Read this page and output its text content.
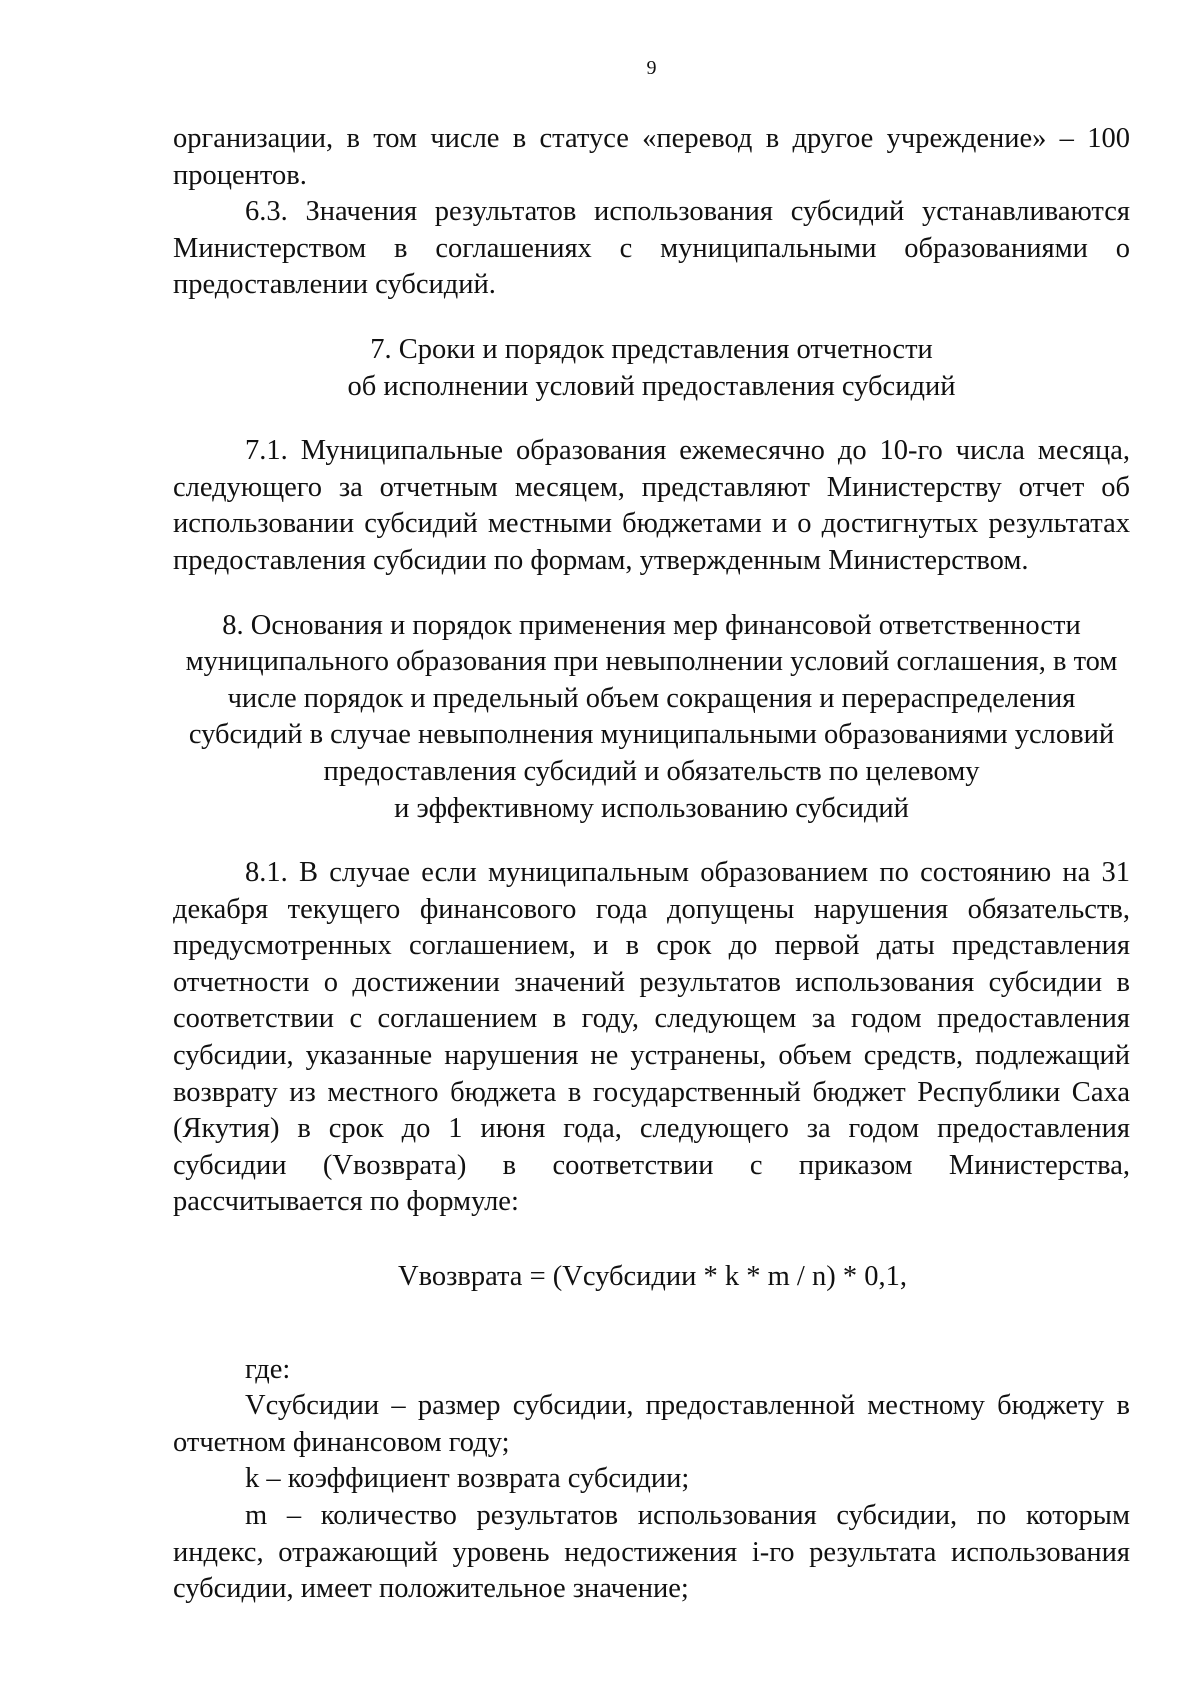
9

организации, в том числе в статусе «перевод в другое учреждение» – 100 процентов.

6.3. Значения результатов использования субсидий устанавливаются Министерством в соглашениях с муниципальными образованиями о предоставлении субсидий.

7. Сроки и порядок представления отчетности

об исполнении условий предоставления субсидий

7.1. Муниципальные образования ежемесячно до 10-го числа месяца, следующего за отчетным месяцем, представляют Министерству отчет об использовании субсидий местными бюджетами и о достигнутых результатах предоставления субсидии по формам, утвержденным Министерством.

8. Основания и порядок применения мер финансовой ответственности

муниципального образования при невыполнении условий соглашения, в том

числе порядок и предельный объем сокращения и перераспределения

субсидий в случае невыполнения муниципальными образованиями условий

предоставления субсидий и обязательств по целевому

и эффективному использованию субсидий

8.1. В случае если муниципальным образованием по состоянию на 31 декабря текущего финансового года допущены нарушения обязательств, предусмотренных соглашением, и в срок до первой даты представления отчетности о достижении значений результатов использования субсидии в соответствии с соглашением в году, следующем за годом предоставления субсидии, указанные нарушения не устранены, объем средств, подлежащий возврату из местного бюджета в государственный бюджет Республики Саха (Якутия) в срок до 1 июня года, следующего за годом предоставления субсидии (Vвозврата) в соответствии с приказом Министерства, рассчитывается по формуле:

Vвозврата = (Vсубсидии * k * m / n) * 0,1,

где:

Vсубсидии – размер субсидии, предоставленной местному бюджету в отчетном финансовом году;

k – коэффициент возврата субсидии;

m – количество результатов использования субсидии, по которым индекс, отражающий уровень недостижения i-го результата использования субсидии, имеет положительное значение;
